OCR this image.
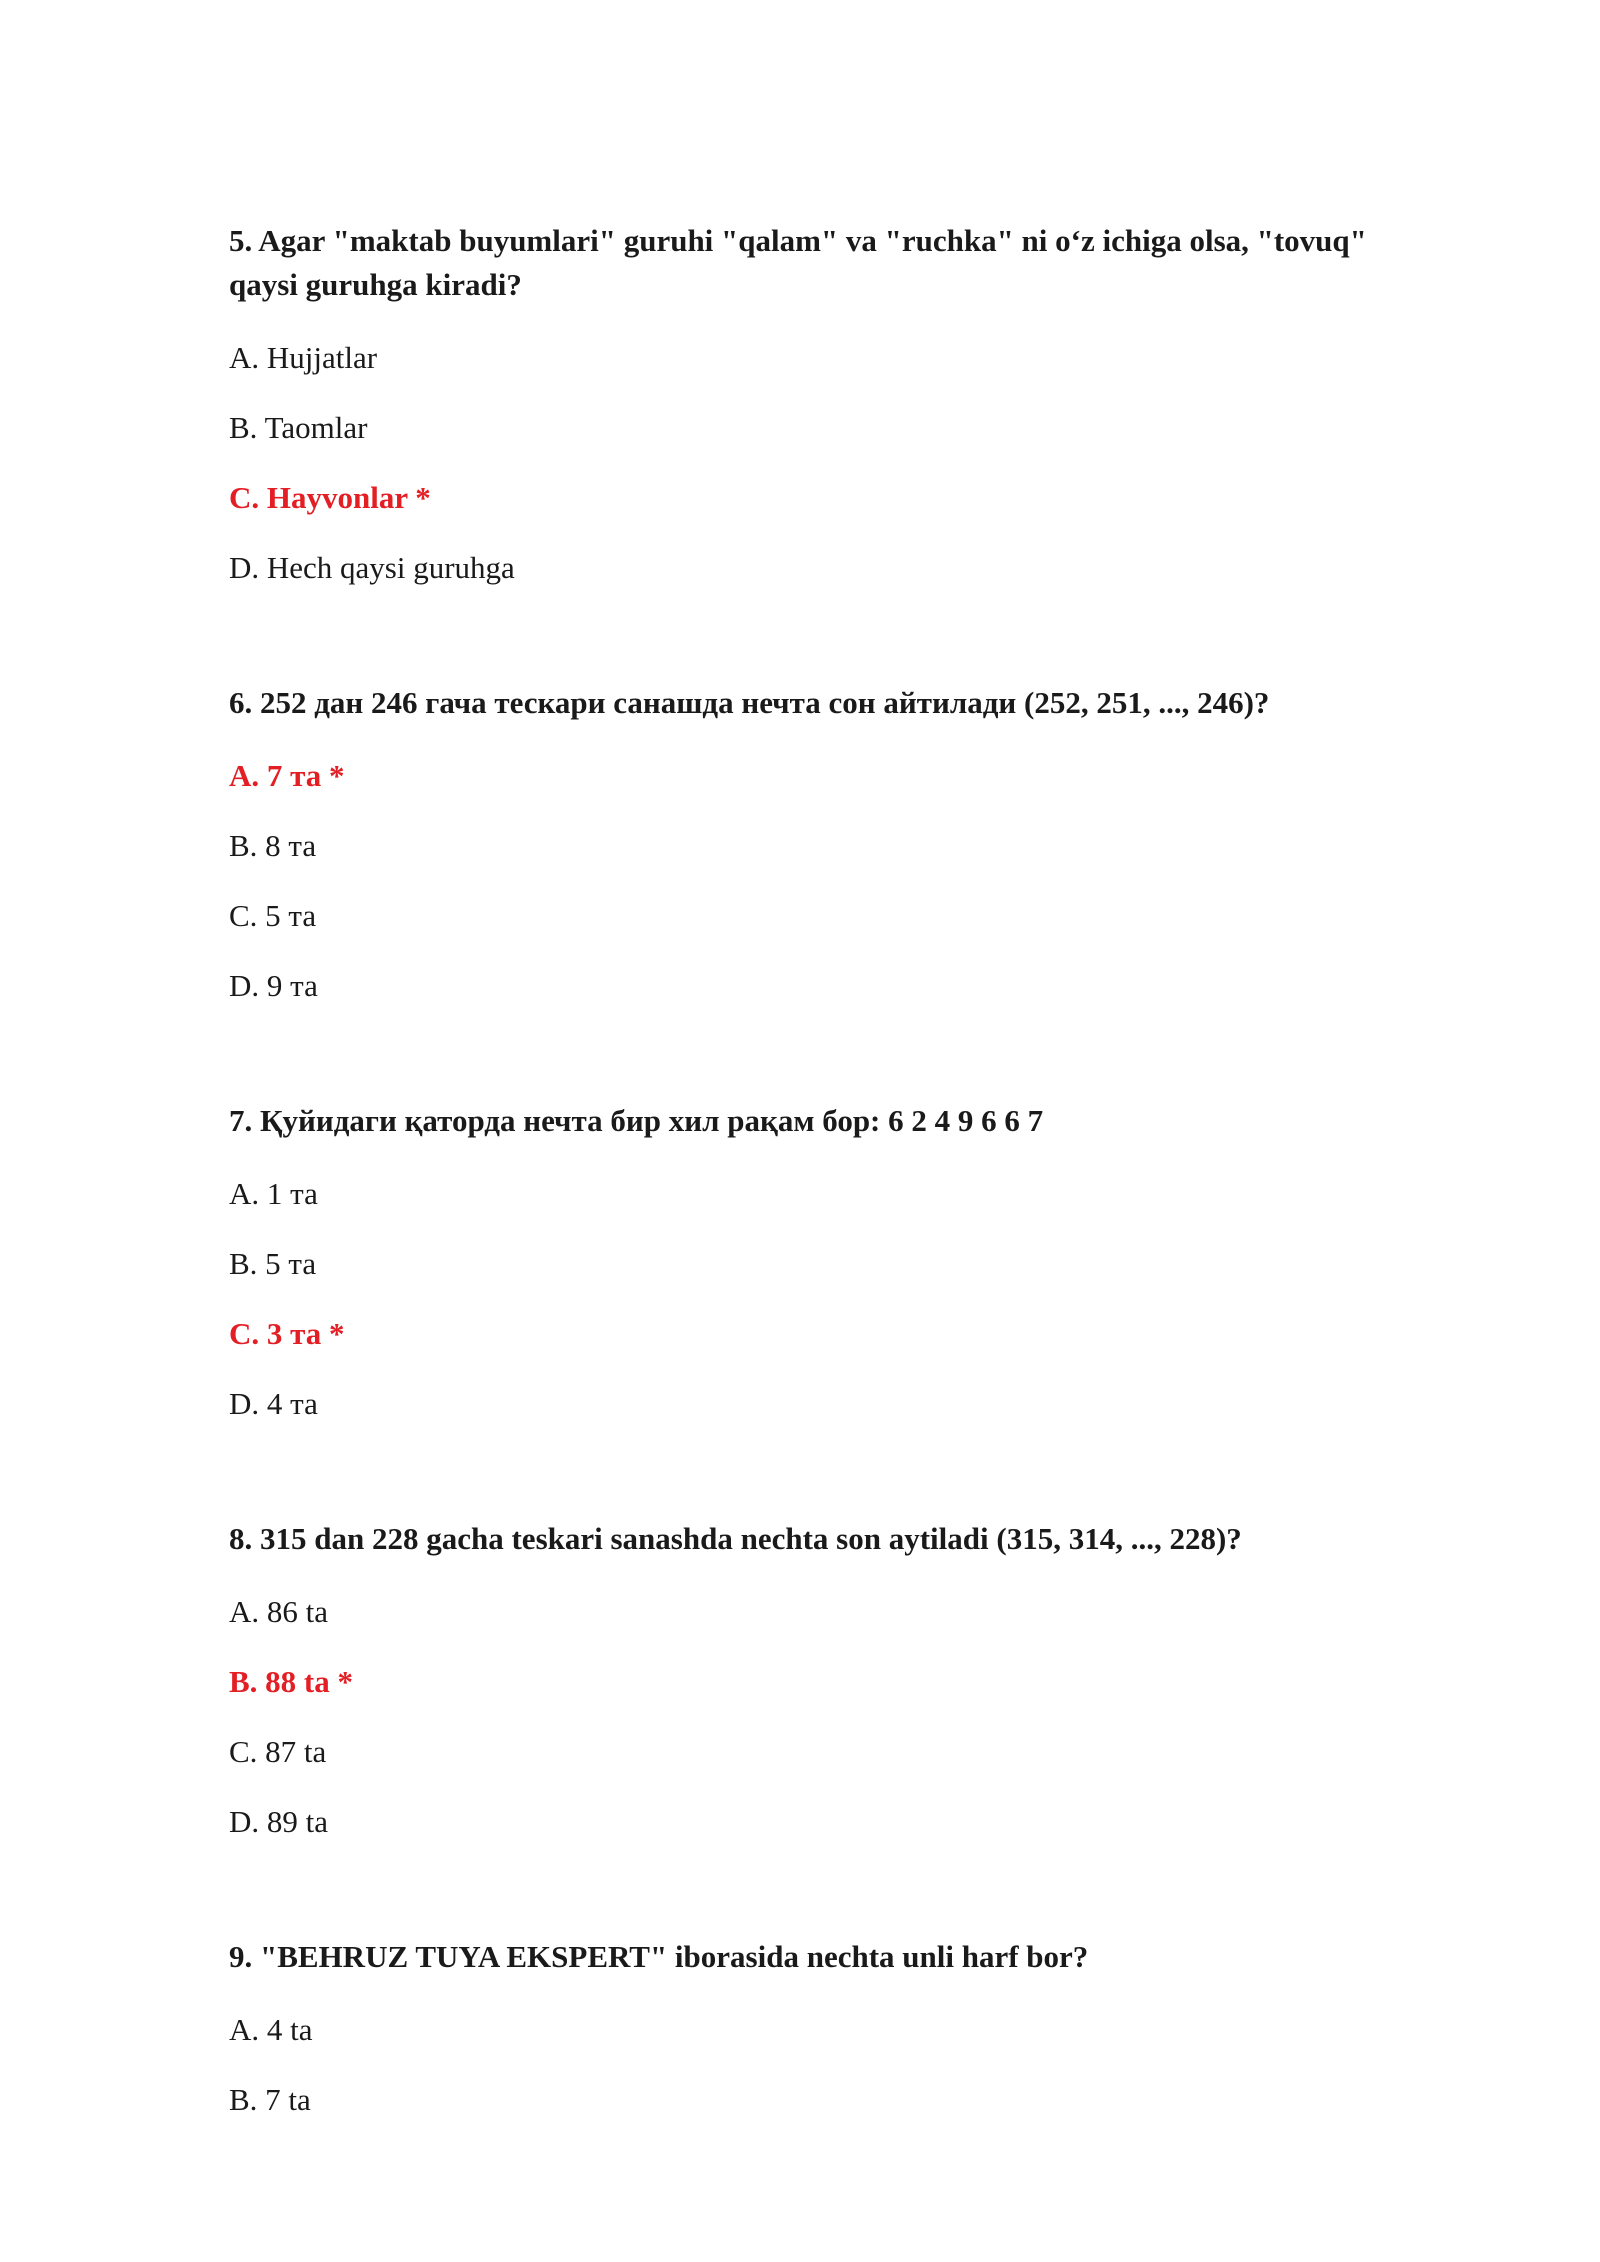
5. Agar "maktab buyumlari" guruhi "qalam" va "ruchka" ni o‘z ichiga olsa, "tovuq" qaysi guruhga kiradi?

A. Hujjatlar
B. Taomlar
C. Hayvonlar *
D. Hech qaysi guruhga

6. 252 дан 246 гача тескари санашда нечта сон айтилади (252, 251, ..., 246)?

A. 7 та *
B. 8 та
C. 5 та
D. 9 та

7. Қуйидаги қаторда нечта бир хил рақам бор: 6 2 4 9 6 6 7

A. 1 та
B. 5 та
C. 3 та *
D. 4 та

8. 315 dan 228 gacha teskari sanashda nechta son aytiladi (315, 314, ..., 228)?

A. 86 ta
B. 88 ta *
C. 87 ta
D. 89 ta

9. "BEHRUZ TUYA EKSPERT" iborasida nechta unli harf bor?

A. 4 ta
B. 7 ta
